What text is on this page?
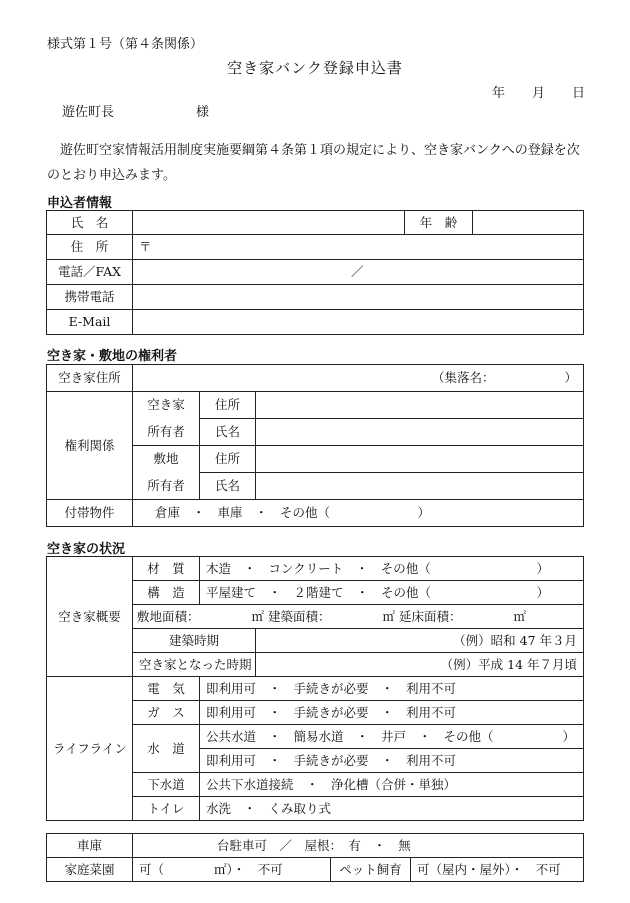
様式第１号（第４条関係）
空き家バンク登録申込書
年 月 日
遊佐町長	様
遊佐町空家情報活用制度実施要綱第４条第１項の規定により、空き家バンクへの登録を次のとおり申込みます。
申込者情報
氏　名		年　齢	
住　所	〒		
電話／FAX	／		
携帯電話			
E-Mail			
空き家・敷地の権利者
空き家住所	（集落名： ）		
権利関係	空き家	住所	
	所有者	氏名	
	敷地	住所	
	所有者	氏名	
付帯物件	倉庫　・　車庫　・　その他（　　　　　　　）		
空き家の状況
空き家概要	材　質	木造　・　コンクリート　・　その他（ ）	

	構　造	平屋建て　・　２階建て　・　その他（ ）	

	敷地面積： ㎡ 建築面積： ㎡ 延床面積： ㎡		
	建築時期		（例）昭和 47 年３月
	空き家となった時期		（例）平成 14 年７月頃
ライフライン	電　気	即利用可　・　手続きが必要　・　利用不可	
	ガ　ス	即利用可　・　手続きが必要　・　利用不可	
	水　道	公共水道　・　簡易水道　・　井戸　・　その他（ ）	

		即利用可　・　手続きが必要　・　利用不可	
	下水道	公共下水道接続　・　浄化槽（合併・単独）	
	トイレ	水洗　・　くみ取り式	
車庫	台駐車可　／　屋根：　有　・　無		
家庭菜園	可（　　　　㎡）・　不可	ペット飼育	可（屋内・屋外）・　不可
